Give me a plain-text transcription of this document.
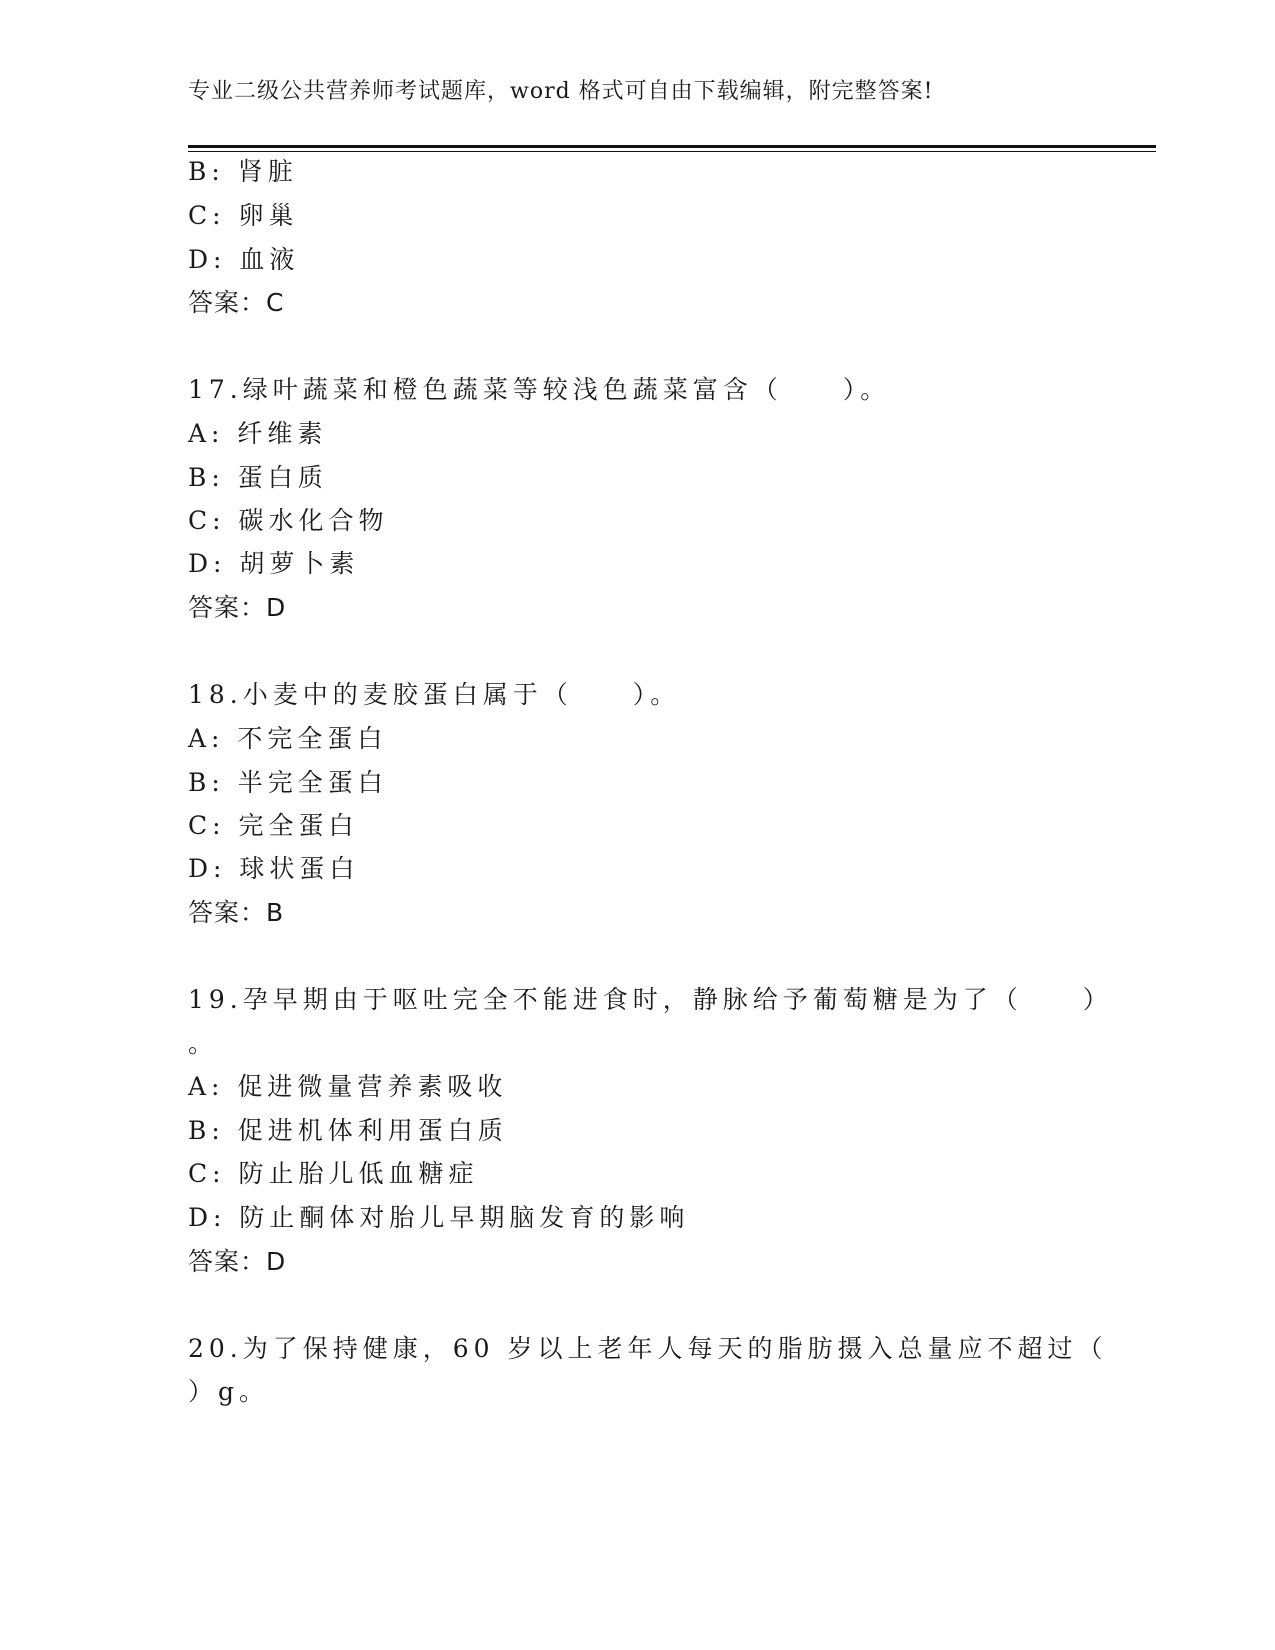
专业二级公共营养师考试题库，word 格式可自由下载编辑，附完整答案!
B: 肾脏
C: 卵巢
D: 血液
答案：C
17.绿叶蔬菜和橙色蔬菜等较浅色蔬菜富含（　　）。
A: 纤维素
B: 蛋白质
C: 碳水化合物
D: 胡萝卜素
答案：D
18.小麦中的麦胶蛋白属于（　　）。
A: 不完全蛋白
B: 半完全蛋白
C: 完全蛋白
D: 球状蛋白
答案：B
19.孕早期由于呕吐完全不能进食时，静脉给予葡萄糖是为了（　　）
。
A: 促进微量营养素吸收
B: 促进机体利用蛋白质
C: 防止胎儿低血糖症
D: 防止酮体对胎儿早期脑发育的影响
答案：D
20.为了保持健康，60 岁以上老年人每天的脂肪摄入总量应不超过（
）g。
